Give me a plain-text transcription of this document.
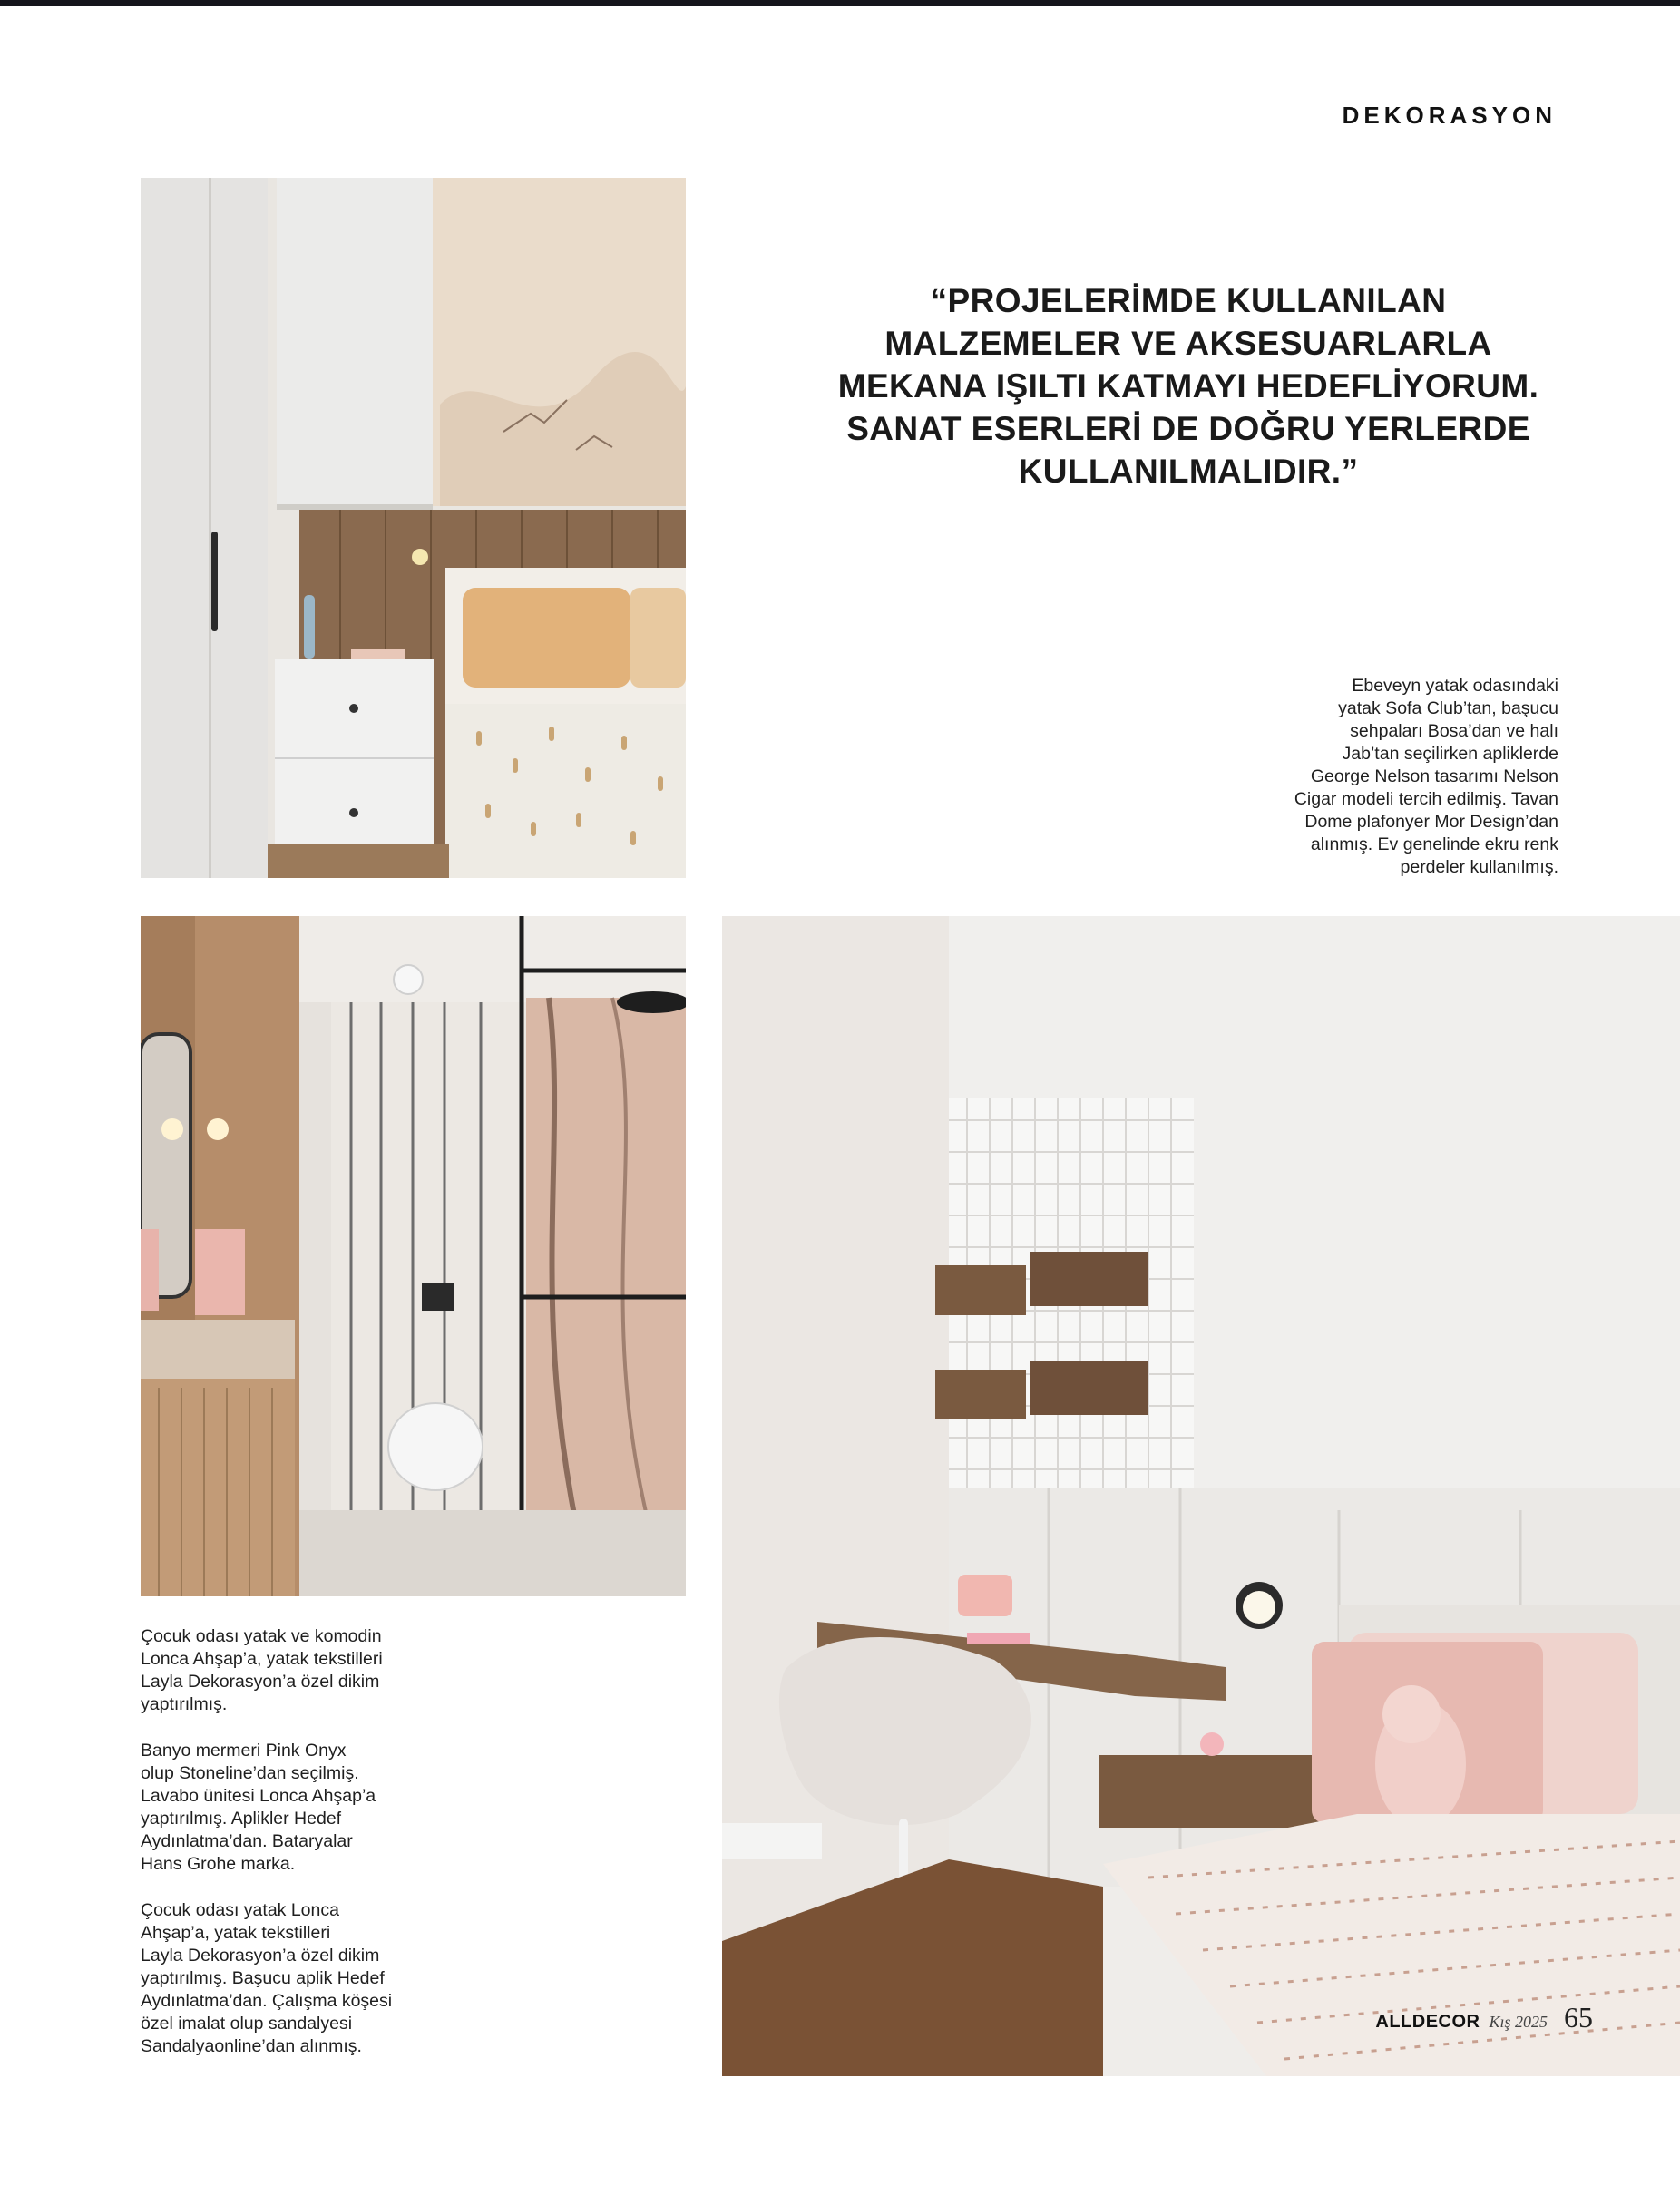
DEKORASYON

“PROJELERİMDE KULLANILAN
MALZEMELER VE AKSESUARLARLA
MEKANA IŞILTI KATMAYI HEDEFLİYORUM.
SANAT ESERLERİ DE DOĞRU YERLERDE
KULLANILMALIDIR.”

Ebeveyn yatak odasındaki
yatak Sofa Club’tan, başucu
sehpaları Bosa’dan ve halı
Jab’tan seçilirken apliklerde
George Nelson tasarımı Nelson
Cigar modeli tercih edilmiş. Tavan
Dome plafonyer Mor Design’dan
alınmış. Ev genelinde ekru renk
perdeler kullanılmış.

Çocuk odası yatak ve komodin
Lonca Ahşap’a, yatak tekstilleri
Layla Dekorasyon’a özel dikim
yaptırılmış.

Banyo mermeri Pink Onyx
olup Stoneline’dan seçilmiş.
Lavabo ünitesi Lonca Ahşap’a
yaptırılmış. Aplikler Hedef
Aydınlatma’dan. Bataryalar
Hans Grohe marka.

Çocuk odası yatak Lonca
Ahşap’a, yatak tekstilleri
Layla Dekorasyon’a özel dikim
yaptırılmış. Başucu aplik Hedef
Aydınlatma’dan. Çalışma köşesi
özel imalat olup sandalyesi
Sandalyaonline’dan alınmış.

ALLDECOR Kış 2025 65
